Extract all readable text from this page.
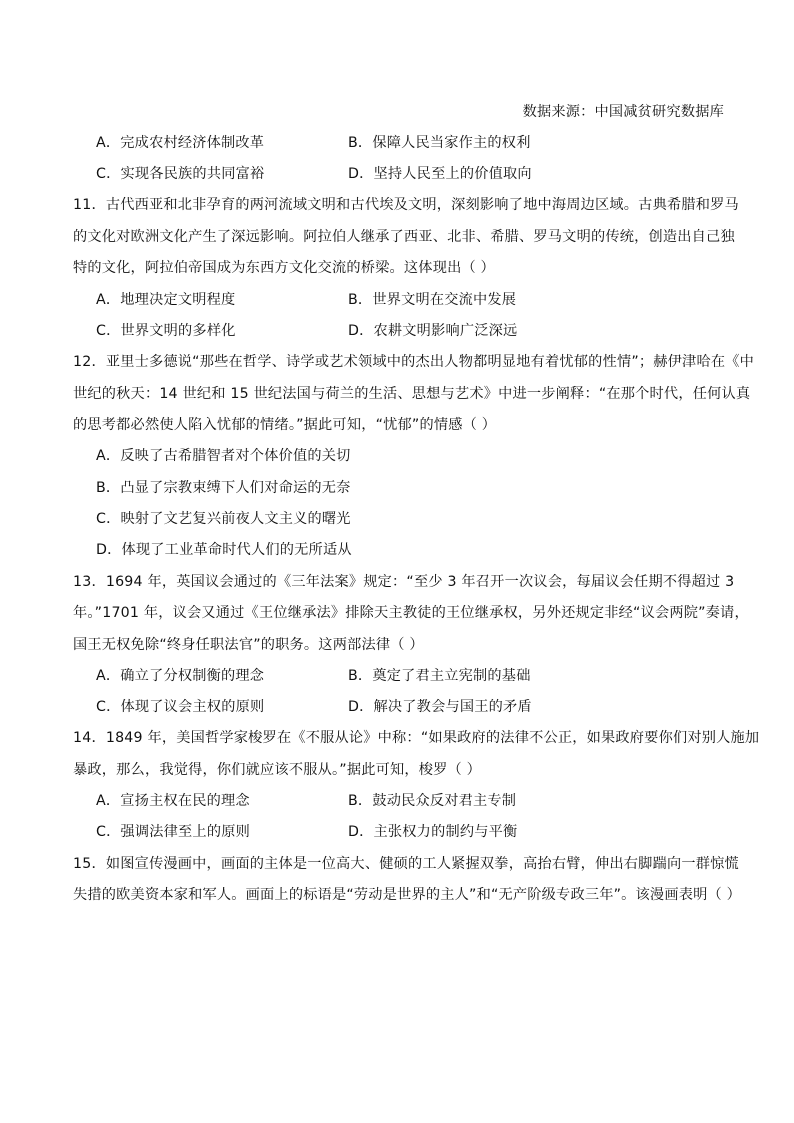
数据来源：中国减贫研究数据库
A．完成农村经济体制改革	B．保障人民当家作主的权利
C．实现各民族的共同富裕	D．坚持人民至上的价值取向
11．古代西亚和北非孕育的两河流域文明和古代埃及文明，深刻影响了地中海周边区域。古典希腊和罗马
的文化对欧洲文化产生了深远影响。阿拉伯人继承了西亚、北非、希腊、罗马文明的传统，创造出自己独
特的文化，阿拉伯帝国成为东西方文化交流的桥梁。这体现出（ ）
A．地理决定文明程度	B．世界文明在交流中发展
C．世界文明的多样化	D．农耕文明影响广泛深远
12．亚里士多德说“那些在哲学、诗学或艺术领域中的杰出人物都明显地有着忧郁的性情”；赫伊津哈在《中
世纪的秋天：14 世纪和 15 世纪法国与荷兰的生活、思想与艺术》中进一步阐释：“在那个时代，任何认真
的思考都必然使人陷入忧郁的情绪。”据此可知，“忧郁”的情感（ ）
A．反映了古希腊智者对个体价值的关切
B．凸显了宗教束缚下人们对命运的无奈
C．映射了文艺复兴前夜人文主义的曙光
D．体现了工业革命时代人们的无所适从
13．1694 年，英国议会通过的《三年法案》规定：“至少 3 年召开一次议会，每届议会任期不得超过 3
年。”1701 年，议会又通过《王位继承法》排除天主教徒的王位继承权，另外还规定非经“议会两院”奏请，
国王无权免除“终身任职法官”的职务。这两部法律（ ）
A．确立了分权制衡的理念	B．奠定了君主立宪制的基础
C．体现了议会主权的原则	D．解决了教会与国王的矛盾
14．1849 年，美国哲学家梭罗在《不服从论》中称：“如果政府的法律不公正，如果政府要你们对别人施加
暴政，那么，我觉得，你们就应该不服从。”据此可知，梭罗（ ）
A．宣扬主权在民的理念	B．鼓动民众反对君主专制
C．强调法律至上的原则	D．主张权力的制约与平衡
15．如图宣传漫画中，画面的主体是一位高大、健硕的工人紧握双拳，高抬右臂，伸出右脚踹向一群惊慌
失措的欧美资本家和军人。画面上的标语是“劳动是世界的主人”和“无产阶级专政三年”。该漫画表明（ ）
